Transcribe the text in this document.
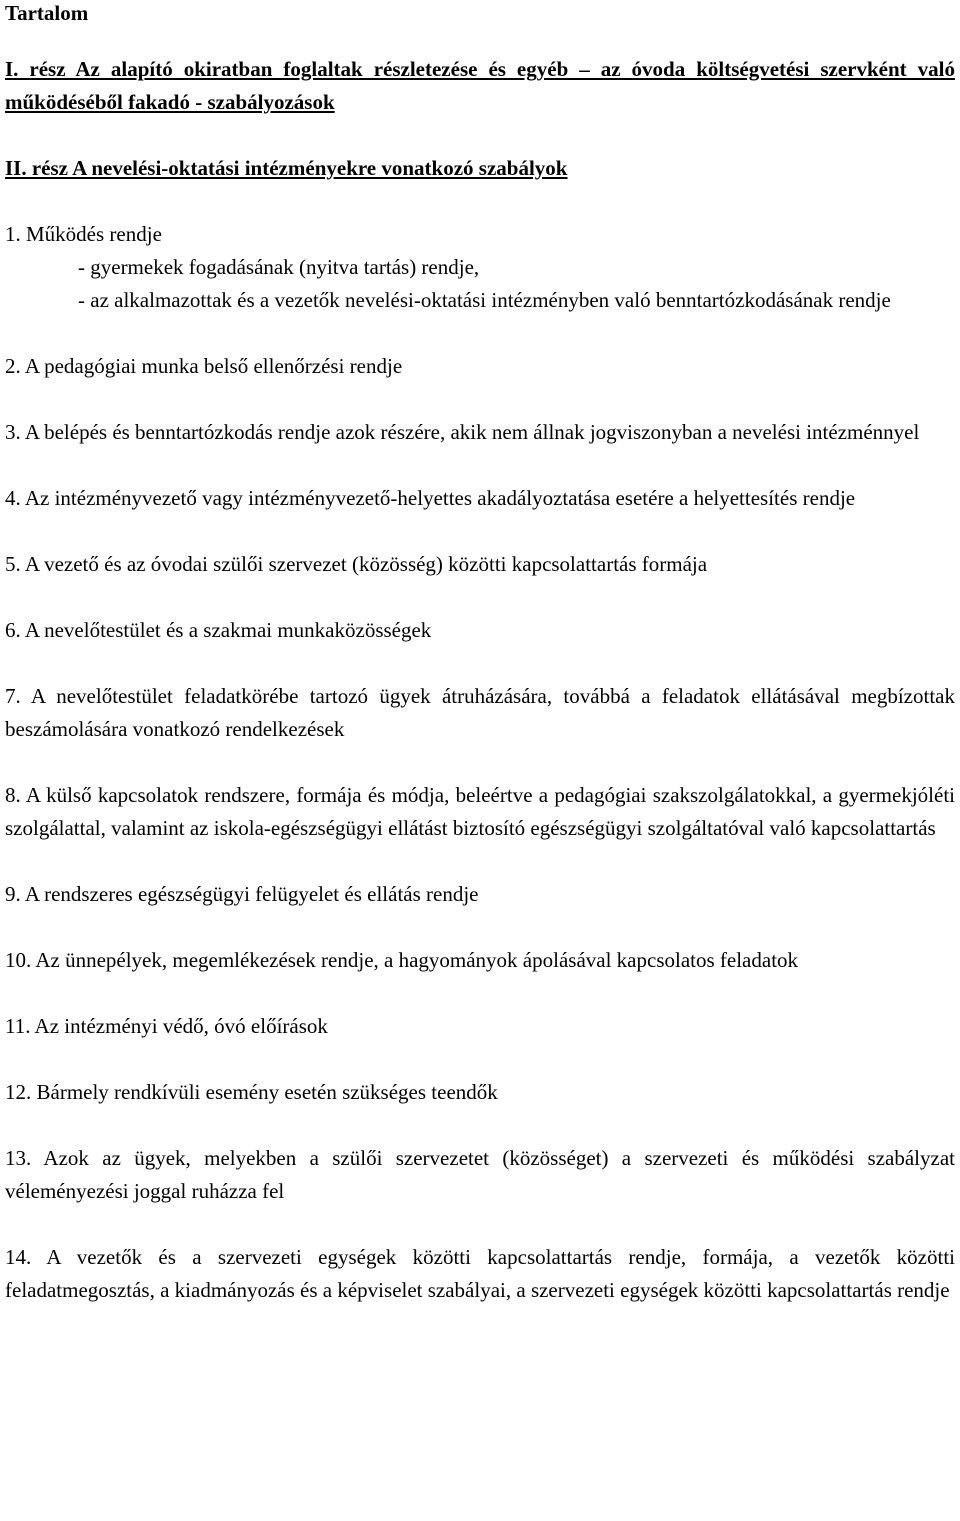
Tartalom

I. rész Az alapító okiratban foglaltak részletezése és egyéb – az óvoda költségvetési szervként való működéséből fakadó - szabályozások

II. rész A nevelési-oktatási intézményekre vonatkozó szabályok

1. Működés rendje

- gyermekek fogadásának (nyitva tartás) rendje,

- az alkalmazottak és a vezetők nevelési-oktatási intézményben való benntartózkodásának rendje

2. A pedagógiai munka belső ellenőrzési rendje

3. A belépés és benntartózkodás rendje azok részére, akik nem állnak jogviszonyban a nevelési intézménnyel

4. Az intézményvezető vagy intézményvezető-helyettes akadályoztatása esetére a helyettesítés rendje

5. A vezető és az óvodai szülői szervezet (közösség) közötti kapcsolattartás formája

6. A nevelőtestület és a szakmai munkaközösségek

7. A nevelőtestület feladatkörébe tartozó ügyek átruházására, továbbá a feladatok ellátásával megbízottak beszámolására vonatkozó rendelkezések

8. A külső kapcsolatok rendszere, formája és módja, beleértve a pedagógiai szakszolgálatokkal, a gyermekjóléti szolgálattal, valamint az iskola-egészségügyi ellátást biztosító egészségügyi szolgáltatóval való kapcsolattartás

9. A rendszeres egészségügyi felügyelet és ellátás rendje

10. Az ünnepélyek, megemlékezések rendje, a hagyományok ápolásával kapcsolatos feladatok

11. Az intézményi védő, óvó előírások

12. Bármely rendkívüli esemény esetén szükséges teendők

13. Azok az ügyek, melyekben a szülői szervezetet (közösséget) a szervezeti és működési szabályzat véleményezési joggal ruházza fel

14. A vezetők és a szervezeti egységek közötti kapcsolattartás rendje, formája, a vezetők közötti feladatmegosztás, a kiadmányozás és a képviselet szabályai, a szervezeti egységek közötti kapcsolattartás rendje
